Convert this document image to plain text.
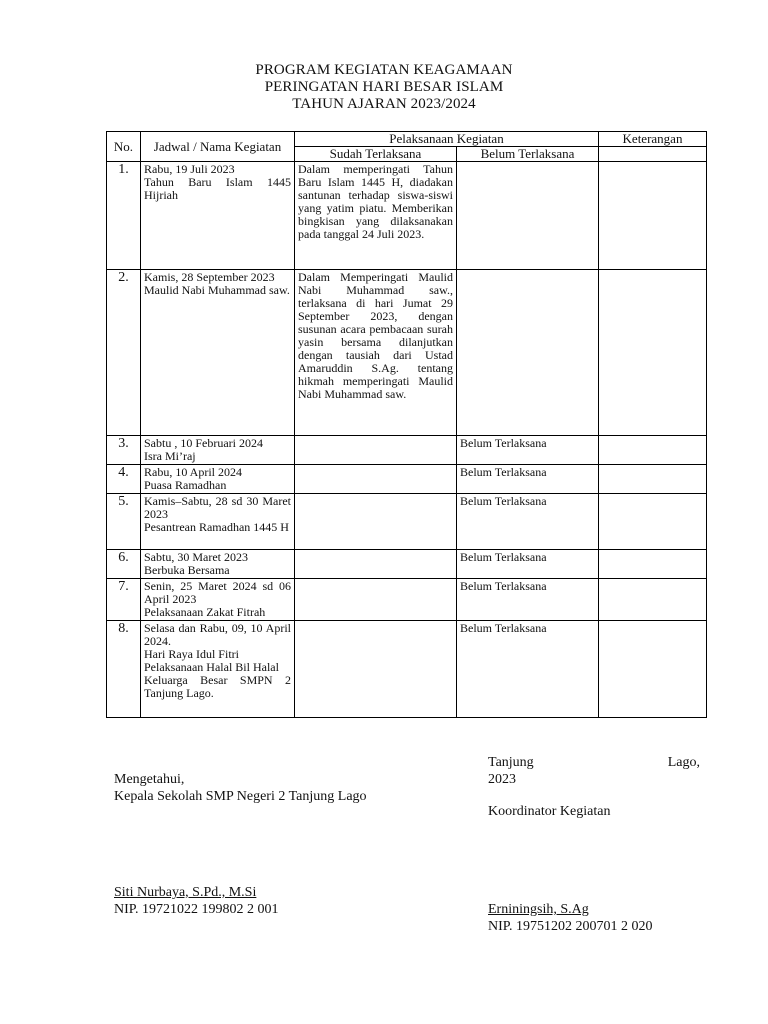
PROGRAM KEGIATAN KEAGAMAAN
PERINGATAN HARI BESAR ISLAM
TAHUN AJARAN 2023/2024
No.	Jadwal / Nama Kegiatan	Pelaksanaan Kegiatan		Keterangan
		Sudah Terlaksana	Belum Terlaksana	
1.	Rabu, 19 Juli 2023
Tahun Baru Islam 1445 Hijriah	Dalam memperingati Tahun Baru Islam 1445 H, diadakan santunan terhadap siswa-siswi yang yatim piatu. Memberikan bingkisan yang dilaksanakan pada tanggal 24 Juli 2023.		
2.	Kamis, 28 September 2023
Maulid Nabi Muhammad saw.	Dalam Memperingati Maulid Nabi Muhammad saw., terlaksana di hari Jumat 29 September 2023, dengan susunan acara pembacaan surah yasin bersama dilanjutkan dengan tausiah dari Ustad Amaruddin S.Ag. tentang hikmah memperingati Maulid Nabi Muhammad saw.		
3.	Sabtu , 10 Februari 2024
Isra Mi’raj		Belum Terlaksana	
4.	Rabu, 10 April 2024
Puasa Ramadhan		Belum Terlaksana	
5.	Kamis–Sabtu, 28 sd 30 Maret 2023
Pesantrean Ramadhan 1445 H		Belum Terlaksana	
6.	Sabtu, 30 Maret 2023
Berbuka Bersama		Belum Terlaksana	
7.	Senin, 25 Maret 2024 sd 06 April 2023
Pelaksanaan Zakat Fitrah		Belum Terlaksana	
8.	Selasa dan Rabu, 09, 10 April 2024.
Hari Raya Idul Fitri
Pelaksanaan Halal Bil Halal
Keluarga Besar SMPN 2 Tanjung Lago.		Belum Terlaksana	
Mengetahui,
Kepala Sekolah SMP Negeri 2 Tanjung Lago
Siti Nurbaya, S.Pd., M.Si
NIP. 19721022 199802 2 001
Tanjung	Lago,
2023
Koordinator Kegiatan
Erniningsih, S.Ag
NIP. 19751202 200701 2 020
